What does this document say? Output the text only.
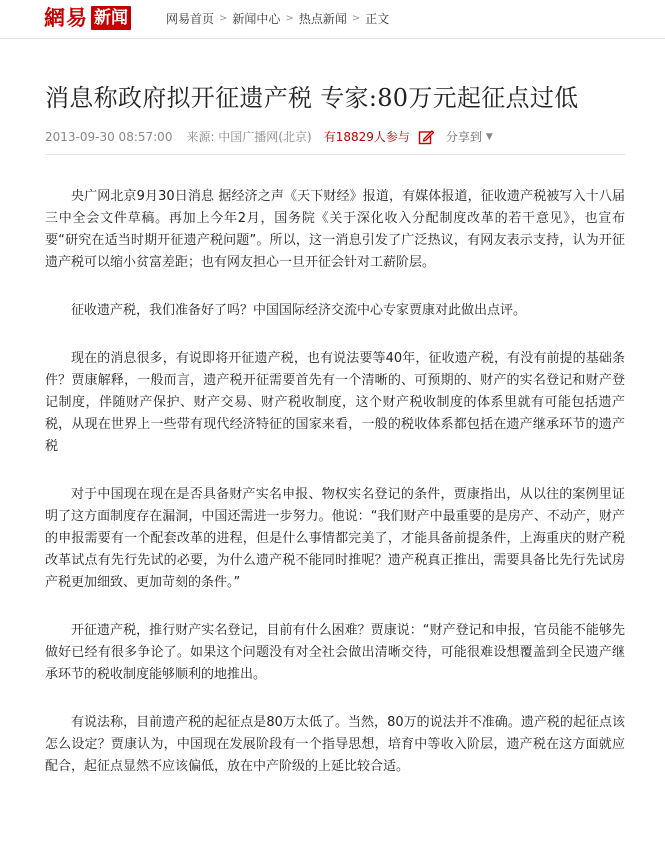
網易 新闻	网易首页 > 新闻中心 > 热点新闻 > 正文
消息称政府拟开征遗产税 专家:80万元起征点过低
2013-09-30 08:57:00 来源: 中国广播网(北京) 有18829人参与	分享到 ▼

央广网北京9月30日消息 据经济之声《天下财经》报道，有媒体报道，征收遗产税被写入十八届三中全会文件草稿。再加上今年2月，国务院《关于深化收入分配制度改革的若干意见》，也宣布要“研究在适当时期开征遗产税问题”。所以，这一消息引发了广泛热议，有网友表示支持，认为开征遗产税可以缩小贫富差距；也有网友担心一旦开征会针对工薪阶层。

征收遗产税，我们准备好了吗？中国国际经济交流中心专家贾康对此做出点评。

现在的消息很多，有说即将开征遗产税，也有说法要等40年，征收遗产税，有没有前提的基础条件？贾康解释，一般而言，遗产税开征需要首先有一个清晰的、可预期的、财产的实名登记和财产登记制度，伴随财产保护、财产交易、财产税收制度，这个财产税收制度的体系里就有可能包括遗产税，从现在世界上一些带有现代经济特征的国家来看，一般的税收体系都包括在遗产继承环节的遗产税

对于中国现在现在是否具备财产实名申报、物权实名登记的条件，贾康指出，从以往的案例里证明了这方面制度存在漏洞，中国还需进一步努力。他说：“我们财产中最重要的是房产、不动产，财产的申报需要有一个配套改革的进程，但是什么事情都完美了，才能具备前提条件，上海重庆的财产税改革试点有先行先试的必要，为什么遗产税不能同时推呢？遗产税真正推出，需要具备比先行先试房产税更加细致、更加苛刻的条件。”

开征遗产税，推行财产实名登记，目前有什么困难？贾康说：“财产登记和申报，官员能不能够先做好已经有很多争论了。如果这个问题没有对全社会做出清晰交待，可能很难设想覆盖到全民遗产继承环节的税收制度能够顺利的地推出。

有说法称，目前遗产税的起征点是80万太低了。当然，80万的说法并不准确。遗产税的起征点该怎么设定？贾康认为，中国现在发展阶段有一个指导思想，培育中等收入阶层，遗产税在这方面就应配合，起征点显然不应该偏低，放在中产阶级的上延比较合适。
